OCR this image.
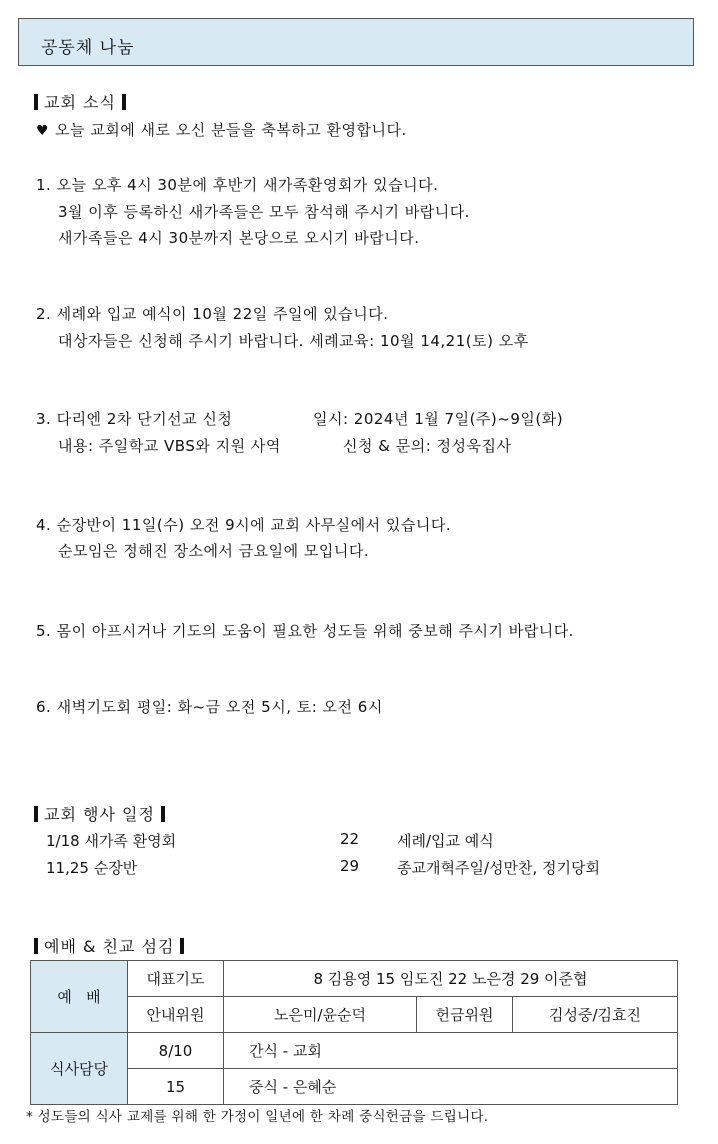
공동체 나눔
교회 소식
♥ 오늘 교회에 새로 오신 분들을 축복하고 환영합니다.
1. 오늘 오후 4시 30분에 후반기 새가족환영회가 있습니다.
3월 이후 등록하신 새가족들은 모두 참석해 주시기 바랍니다.
새가족들은 4시 30분까지 본당으로 오시기 바랍니다.
2. 세례와 입교 예식이 10월 22일 주일에 있습니다.
대상자들은 신청해 주시기 바랍니다. 세례교육: 10월 14,21(토) 오후
3. 다리엔 2차 단기선교 신청	일시: 2024년 1월 7일(주)~9일(화)
내용: 주일학교 VBS와 지원 사역	신청 & 문의: 정성욱집사
4. 순장반이 11일(수) 오전 9시에 교회 사무실에서 있습니다.
순모임은 정해진 장소에서 금요일에 모입니다.
5. 몸이 아프시거나 기도의 도움이 필요한 성도들 위해 중보해 주시기 바랍니다.
6. 새벽기도회 평일: 화~금 오전 5시, 토: 오전 6시
교회 행사 일정
1/18 새가족 환영회	22	세례/입교 예식
11,25 순장반	29	종교개혁주일/성만찬, 정기당회
예배 & 친교 섬김
예   배	대표기도	8 김용영 15 임도진 22 노은경 29 이준협		
	안내위원	노은미/윤순덕	헌금위원	김성중/김효진
식사담당	8/10	간식 - 교회		
	15	중식 - 은혜순		
* 성도들의 식사 교제를 위해 한 가정이 일년에 한 차례 중식헌금을 드립니다.
